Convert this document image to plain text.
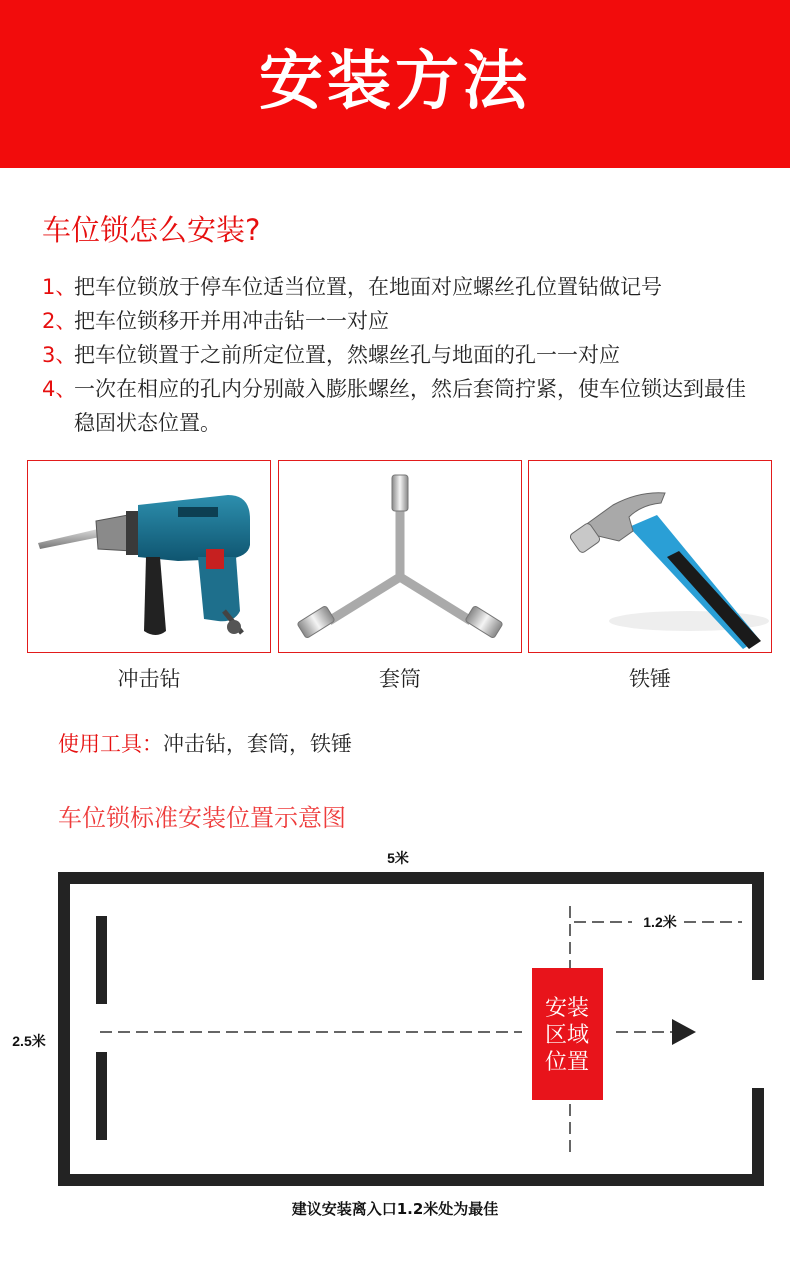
安装方法
车位锁怎么安装?
1、
把车位锁放于停车位适当位置，在地面对应螺丝孔位置钻做记号
2、
把车位锁移开并用冲击钻一一对应
3、
把车位锁置于之前所定位置，然螺丝孔与地面的孔一一对应
4、
一次在相应的孔内分别敲入膨胀螺丝，然后套筒拧紧，使车位锁达到最佳稳固状态位置。
冲击钻	套筒	铁锤
使用工具：冲击钻，套筒，铁锤
车位锁标准安装位置示意图
5米
2.5米
1.2米
安装
区域
位置
建议安装离入口1.2米处为最佳
